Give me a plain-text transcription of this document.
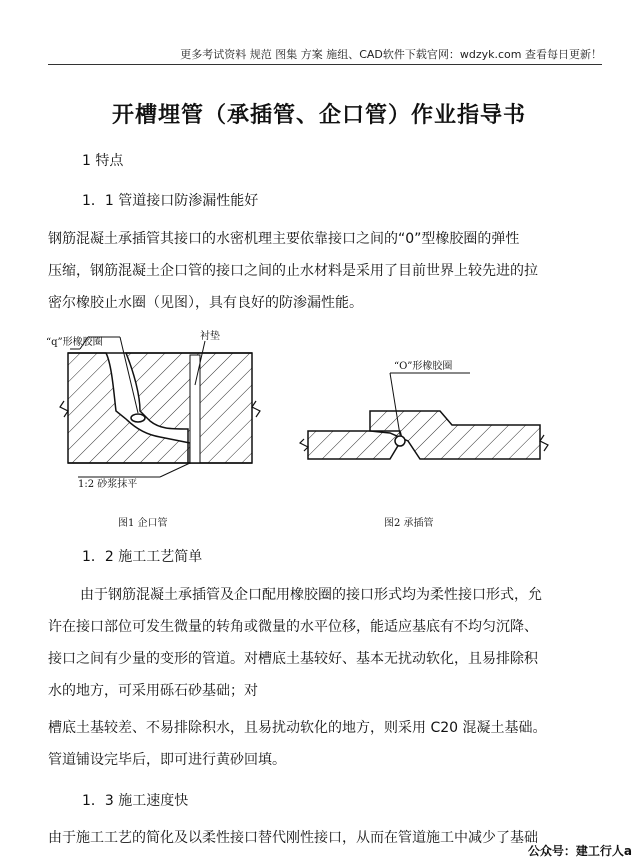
更多考试资料 规范 图集 方案 施组、CAD软件下载官网：wdzyk.com 查看每日更新！
开槽埋管（承插管、企口管）作业指导书
1 特点
1．1 管道接口防渗漏性能好
钢筋混凝土承插管其接口的水密机理主要依靠接口之间的“0”型橡胶圈的弹性
压缩，钢筋混凝土企口管的接口之间的止水材料是采用了目前世界上较先进的拉
密尔橡胶止水圈（见图），具有良好的防渗漏性能。
“q”形橡胶圈
衬垫
1:2 砂浆抹平
图1 企口管
“O”形橡胶圈
图2 承插管
1．2 施工工艺简单
由于钢筋混凝土承插管及企口配用橡胶圈的接口形式均为柔性接口形式，允
许在接口部位可发生微量的转角或微量的水平位移，能适应基底有不均匀沉降、
接口之间有少量的变形的管道。对槽底土基较好、基本无扰动软化，且易排除积
水的地方，可采用砾石砂基础；对
槽底土基较差、不易排除积水，且易扰动软化的地方，则采用 C20 混凝土基础。
管道铺设完毕后，即可进行黄砂回填。
1．3 施工速度快
由于施工工艺的简化及以柔性接口替代刚性接口，从而在管道施工中减少了基础
公众号：建工行人a
